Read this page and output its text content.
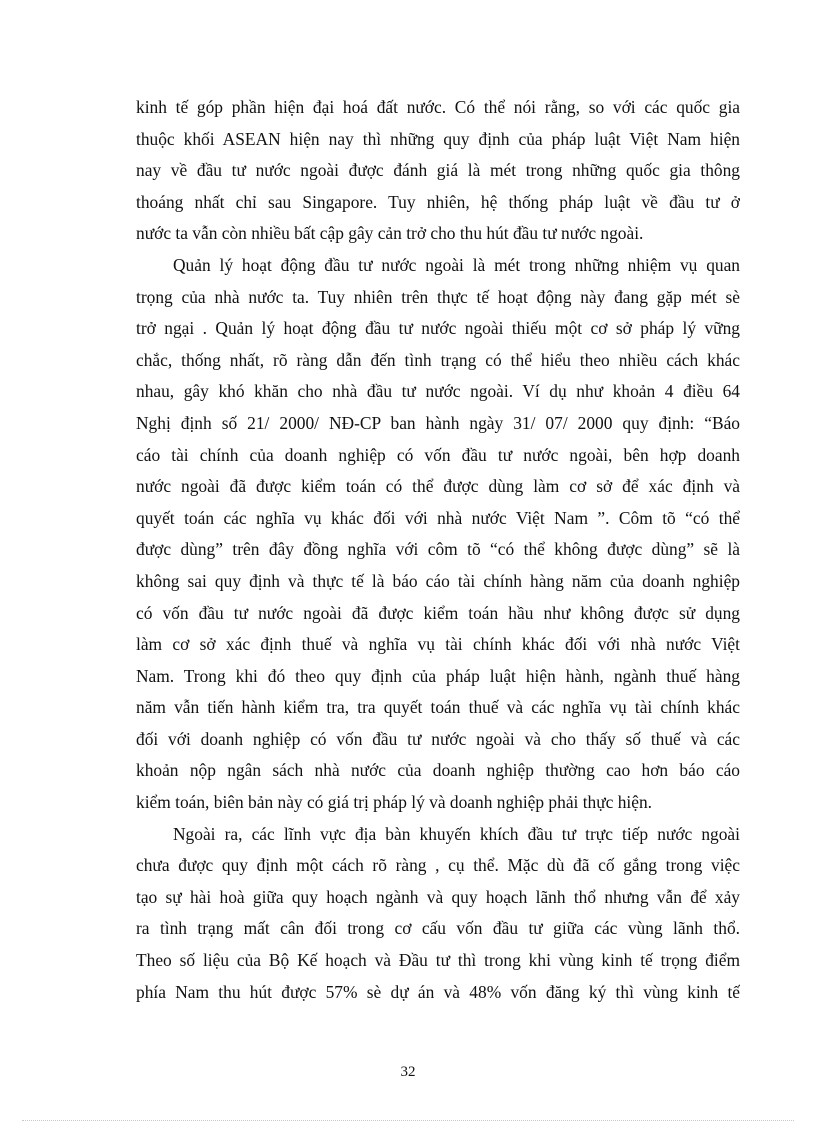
kinh tế góp phần hiện đại hoá đất nước. Có thể nói rằng, so với các quốc gia
thuộc khối ASEAN hiện nay thì những quy định của pháp luật Việt Nam hiện
nay về đầu tư nước ngoài được đánh giá là mét trong những quốc gia thông
thoáng nhất chỉ sau Singapore. Tuy nhiên, hệ thống pháp luật về đầu tư ở
nước ta vẫn còn nhiều bất cập gây cản trở cho thu hút đầu tư nước ngoài.
Quản lý hoạt động đầu tư nước ngoài là mét trong những nhiệm vụ quan
trọng của nhà nước ta. Tuy nhiên trên thực tế hoạt động này đang gặp mét sè
trở ngại . Quản lý hoạt động đầu tư nước ngoài thiếu một cơ sở pháp lý vững
chắc, thống nhất, rõ ràng dẫn đến tình trạng có thể hiểu theo nhiều cách khác
nhau, gây khó khăn cho nhà đầu tư nước ngoài. Ví dụ như khoản 4 điều 64
Nghị định số 21/ 2000/ NĐ-CP ban hành ngày 31/ 07/ 2000 quy định: “Báo
cáo tài chính của doanh nghiệp có vốn đầu tư nước ngoài, bên hợp doanh
nước ngoài đã được kiểm toán có thể được dùng làm cơ sở để xác định và
quyết toán các nghĩa vụ khác đối với nhà nước Việt Nam ”. Côm tõ “có thể
được dùng” trên đây đồng nghĩa với côm tõ “có thể không được dùng” sẽ là
không sai quy định và thực tế là báo cáo tài chính hàng năm của doanh nghiệp
có vốn đầu tư nước ngoài đã được kiểm toán hầu như không được sử dụng
làm cơ sở xác định thuế và nghĩa vụ tài chính khác đối với nhà nước Việt
Nam. Trong khi đó theo quy định của pháp luật hiện hành, ngành thuế hàng
năm vẫn tiến hành kiểm tra, tra quyết toán thuế và các nghĩa vụ tài chính khác
đối với doanh nghiệp có vốn đầu tư nước ngoài và cho thấy số thuế và các
khoản nộp ngân sách nhà nước của doanh nghiệp thường cao hơn báo cáo
kiểm toán, biên bản này có giá trị pháp lý và doanh nghiệp phải thực hiện.
Ngoài ra, các lĩnh vực địa bàn khuyến khích đầu tư trực tiếp nước ngoài
chưa được quy định một cách rõ ràng , cụ thể. Mặc dù đã cố gắng trong việc
tạo sự hài hoà giữa quy hoạch ngành và quy hoạch lãnh thổ nhưng vẫn để xảy
ra tình trạng mất cân đối trong cơ cấu vốn đầu tư giữa các vùng lãnh thổ.
Theo số liệu của Bộ Kế hoạch và Đầu tư thì trong khi vùng kinh tế trọng điểm
phía Nam thu hút được 57% sè dự án và 48% vốn đăng ký thì vùng kinh tế
32
